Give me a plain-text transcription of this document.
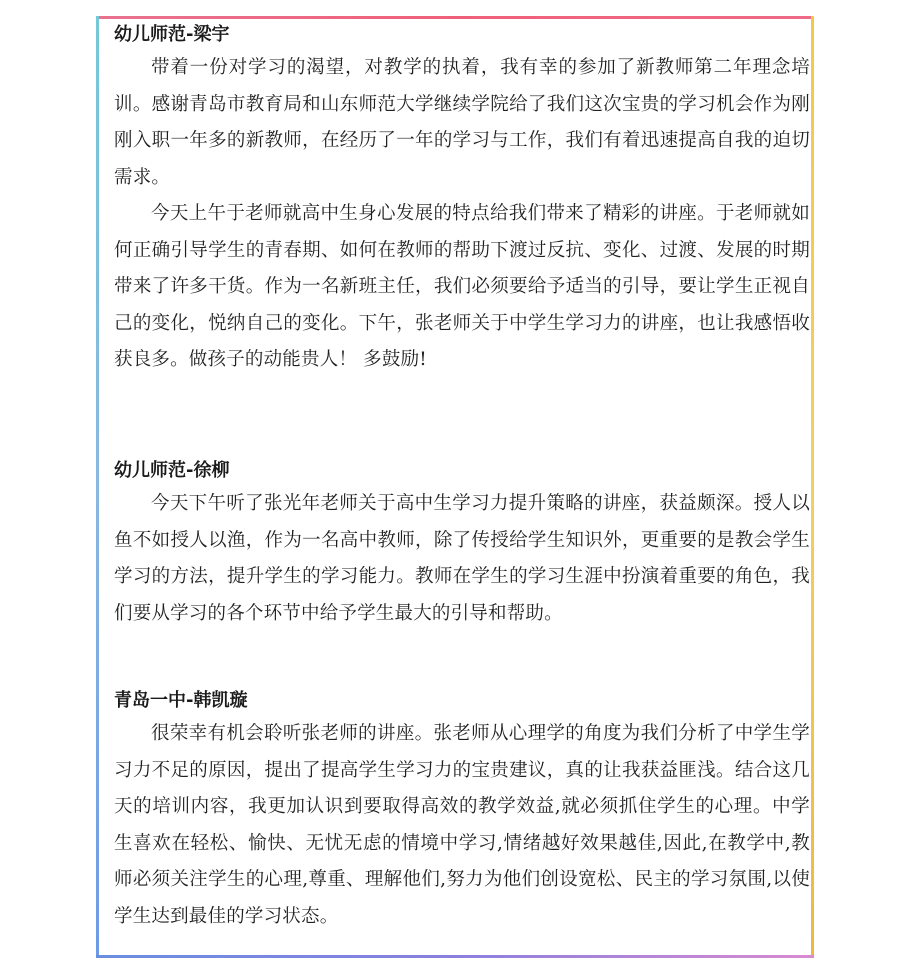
幼儿师范-梁宇

带着一份对学习的渴望，对教学的执着，我有幸的参加了新教师第二年理念培训。感谢青岛市教育局和山东师范大学继续学院给了我们这次宝贵的学习机会作为刚刚入职一年多的新教师，在经历了一年的学习与工作，我们有着迅速提高自我的迫切需求。

今天上午于老师就高中生身心发展的特点给我们带来了精彩的讲座。于老师就如何正确引导学生的青春期、如何在教师的帮助下渡过反抗、变化、过渡、发展的时期带来了许多干货。作为一名新班主任，我们必须要给予适当的引导，要让学生正视自己的变化，悦纳自己的变化。下午，张老师关于中学生学习力的讲座，也让我感悟收获良多。做孩子的动能贵人！ 多鼓励!

幼儿师范-徐柳

今天下午听了张光年老师关于高中生学习力提升策略的讲座，获益颇深。授人以鱼不如授人以渔，作为一名高中教师，除了传授给学生知识外，更重要的是教会学生学习的方法，提升学生的学习能力。教师在学生的学习生涯中扮演着重要的角色，我们要从学习的各个环节中给予学生最大的引导和帮助。

青岛一中-韩凯璇

很荣幸有机会聆听张老师的讲座。张老师从心理学的角度为我们分析了中学生学习力不足的原因，提出了提高学生学习力的宝贵建议，真的让我获益匪浅。结合这几天的培训内容，我更加认识到要取得高效的教学效益,就必须抓住学生的心理。中学生喜欢在轻松、愉快、无忧无虑的情境中学习,情绪越好效果越佳,因此,在教学中,教师必须关注学生的心理,尊重、理解他们,努力为他们创设宽松、民主的学习氛围,以使学生达到最佳的学习状态。
